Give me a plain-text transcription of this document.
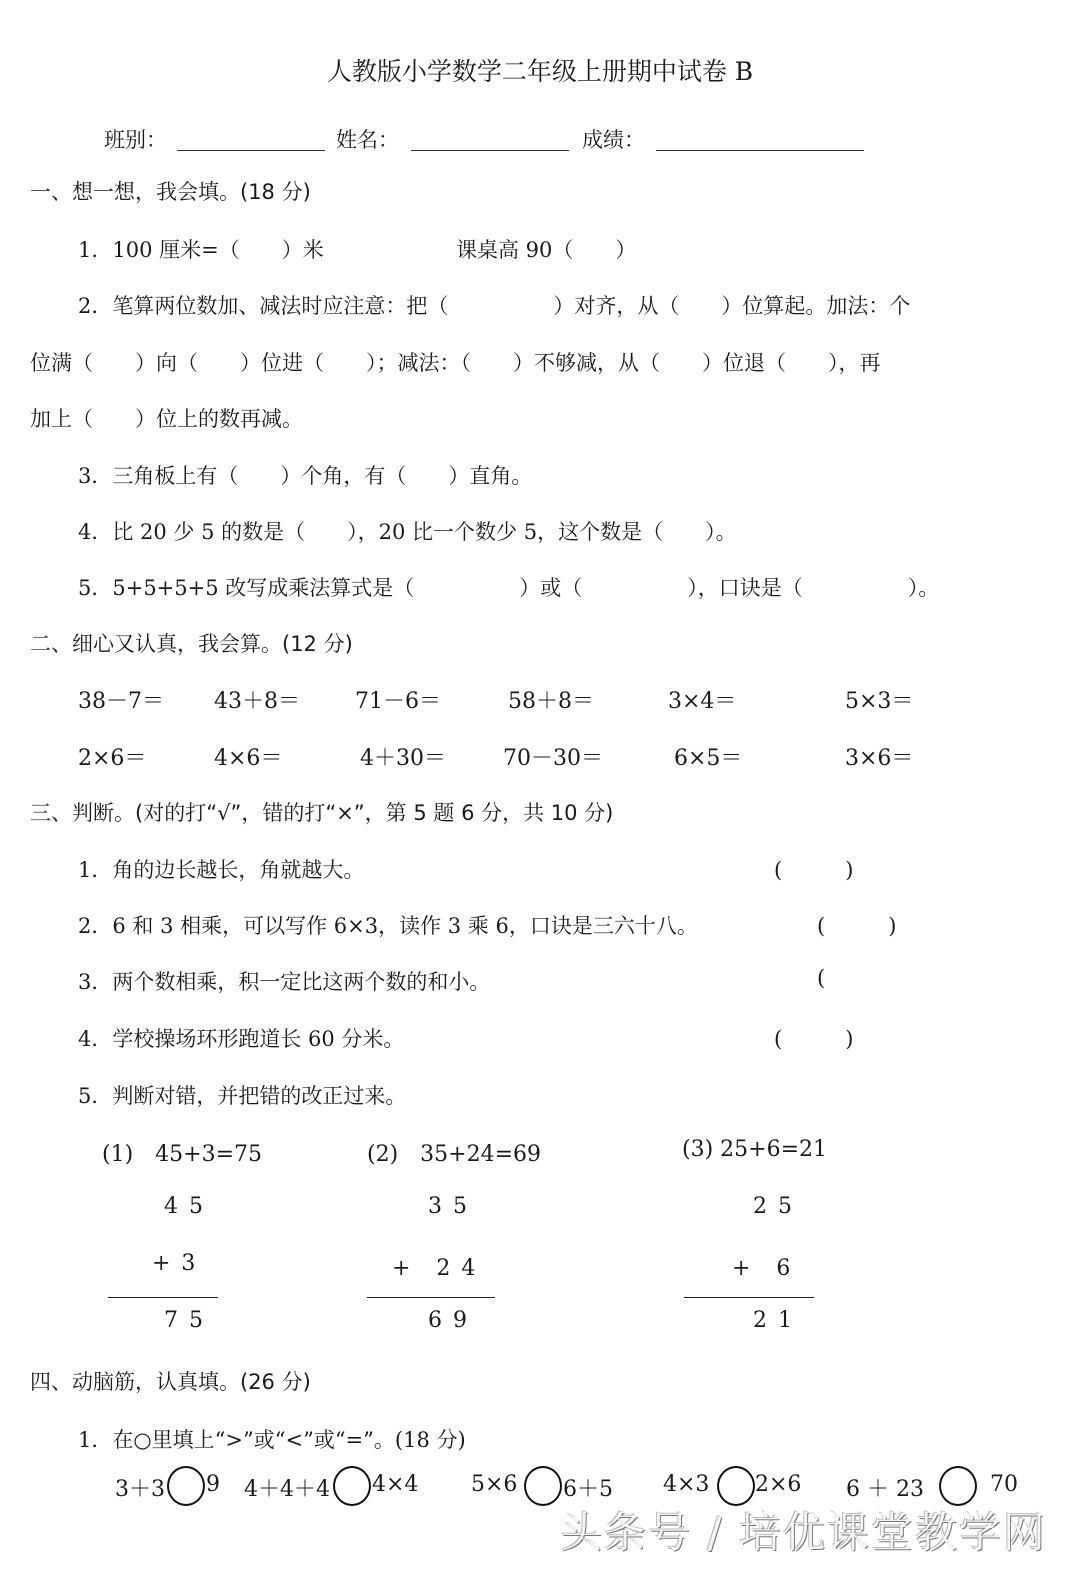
人教版小学数学二年级上册期中试卷 B
班别：	姓名：	成绩：
一、想一想，我会填。(18 分)
1．100 厘米=（　　）米	课桌高 90（　　）
2．笔算两位数加、减法时应注意：把（　　　　　）对齐，从（　　）位算起。加法：个
位满（　　）向（　　）位进（　　）；减法：（　　）不够减，从（　　）位退（　　），再
加上（　　）位上的数再减。
3．三角板上有（　　）个角，有（　　）直角。
4．比 20 少 5 的数是（　　），20 比一个数少 5，这个数是（　　）。
5．5+5+5+5 改写成乘法算式是（　　　　　）或（　　　　　），口诀是（　　　　　）。
二、细心又认真，我会算。(12 分)
38－7＝ 43＋8＝	71－6＝	58＋8＝	3×4＝	5×3＝
2×6＝	4×6＝	4＋30＝	70－30＝	6×5＝	3×6＝
三、判断。(对的打“√”，错的打“×”，第 5 题 6 分，共 10 分)
1．角的边长越长，角就越大。	(　　　)
2．6 和 3 相乘，可以写作 6×3，读作 3 乘 6，口诀是三六十八。	(　　　)
3．两个数相乘，积一定比这两个数的和小。	(
4．学校操场环形跑道长 60 分米。	(　　　)
5．判断对错，并把错的改正过来。
(1)　45+3=75
4 5
+ 3
7 5
(2)　35+24=69
3 5
+　2 4
6 9
(3) 25+6=21
2 5
+　6
2 1
四、动脑筋，认真填。(26 分)
1．在○里填上“>”或“<”或“=”。(18 分)
3＋3 9 4＋4＋4 4×4 5×6 6＋5 4×3 2×6 6 ＋ 23	70
头条号 / 培优课堂教学网
